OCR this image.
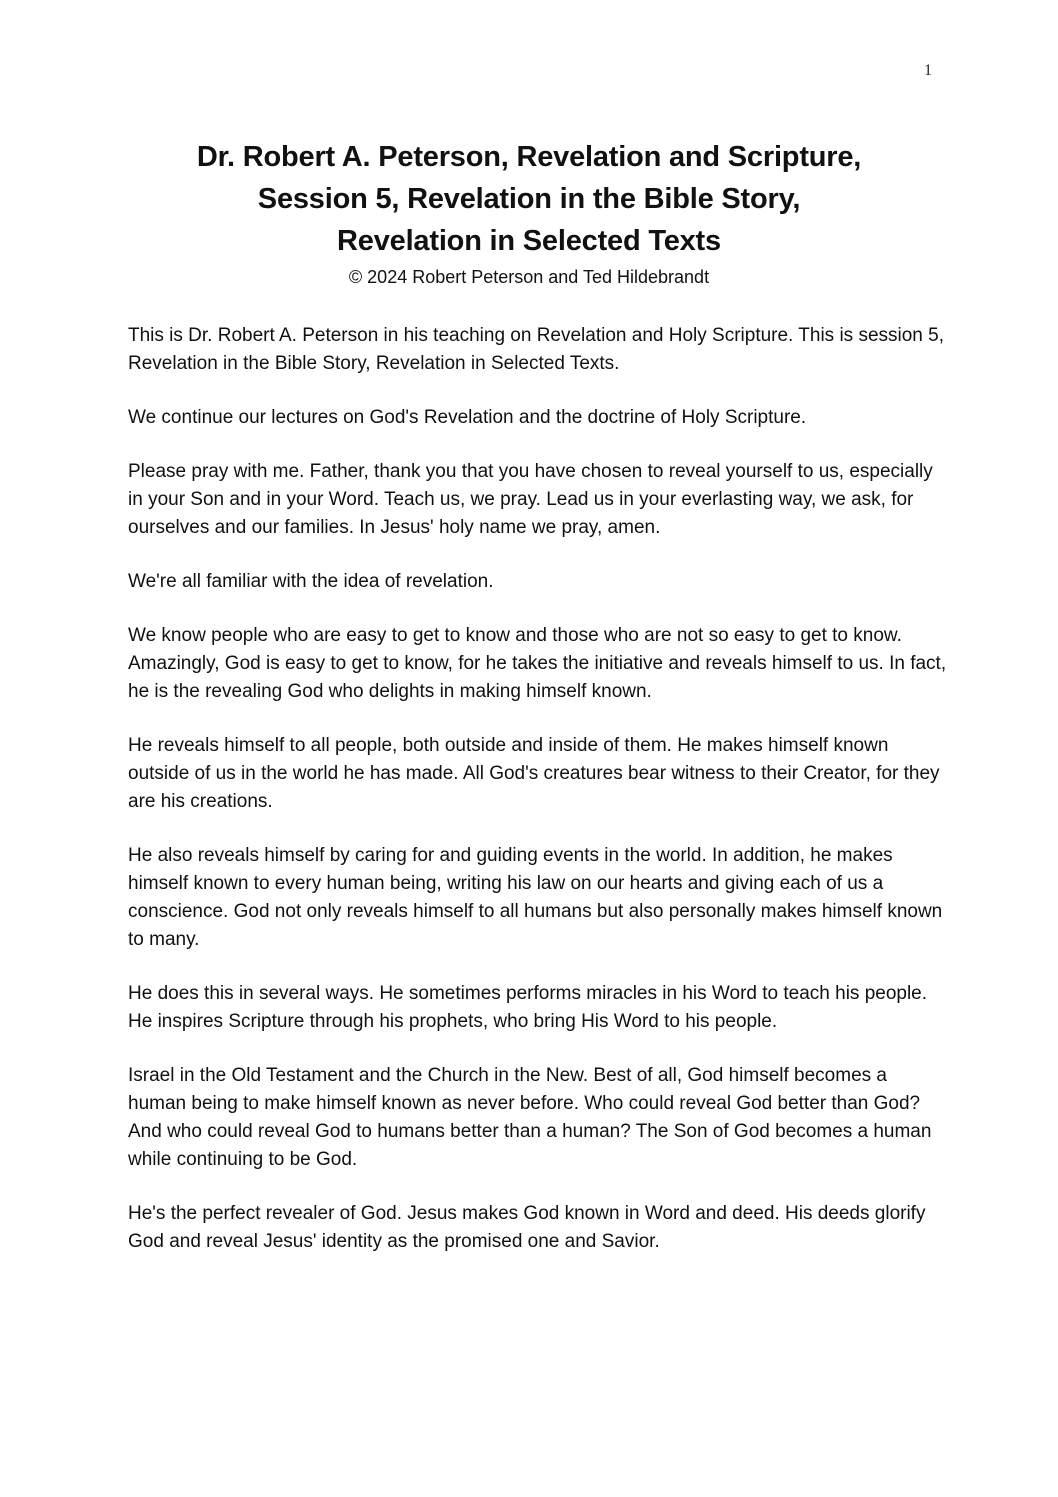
1
Dr. Robert A. Peterson, Revelation and Scripture,
Session 5, Revelation in the Bible Story,
Revelation in Selected Texts
© 2024 Robert Peterson and Ted Hildebrandt

This is Dr. Robert A. Peterson in his teaching on Revelation and Holy Scripture. This is session 5, Revelation in the Bible Story, Revelation in Selected Texts.

We continue our lectures on God's Revelation and the doctrine of Holy Scripture.

Please pray with me. Father, thank you that you have chosen to reveal yourself to us, especially in your Son and in your Word. Teach us, we pray. Lead us in your everlasting way, we ask, for ourselves and our families. In Jesus' holy name we pray, amen.

We're all familiar with the idea of revelation.

We know people who are easy to get to know and those who are not so easy to get to know. Amazingly, God is easy to get to know, for he takes the initiative and reveals himself to us. In fact, he is the revealing God who delights in making himself known.

He reveals himself to all people, both outside and inside of them. He makes himself known outside of us in the world he has made. All God's creatures bear witness to their Creator, for they are his creations.

He also reveals himself by caring for and guiding events in the world. In addition, he makes himself known to every human being, writing his law on our hearts and giving each of us a conscience. God not only reveals himself to all humans but also personally makes himself known to many.

He does this in several ways. He sometimes performs miracles in his Word to teach his people. He inspires Scripture through his prophets, who bring His Word to his people.

Israel in the Old Testament and the Church in the New. Best of all, God himself becomes a human being to make himself known as never before. Who could reveal God better than God? And who could reveal God to humans better than a human? The Son of God becomes a human while continuing to be God.

He's the perfect revealer of God. Jesus makes God known in Word and deed. His deeds glorify God and reveal Jesus' identity as the promised one and Savior.
